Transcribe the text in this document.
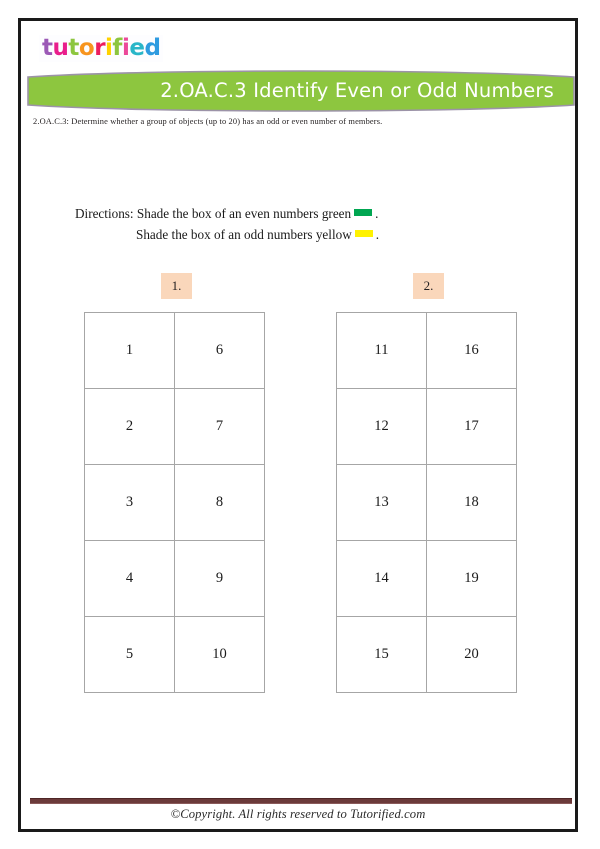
tutorified
2.OA.C.3 Identify Even or Odd Numbers
2.OA.C.3: Determine whether a group of objects (up to 20) has an odd or even number of members.
Directions: Shade the box of an even numbers green .
Shade the box of an odd numbers yellow .
1.
1	6
2	7
3	8
4	9
5	10
2.
11	16
12	17
13	18
14	19
15	20
©Copyright. All rights reserved to Tutorified.com
